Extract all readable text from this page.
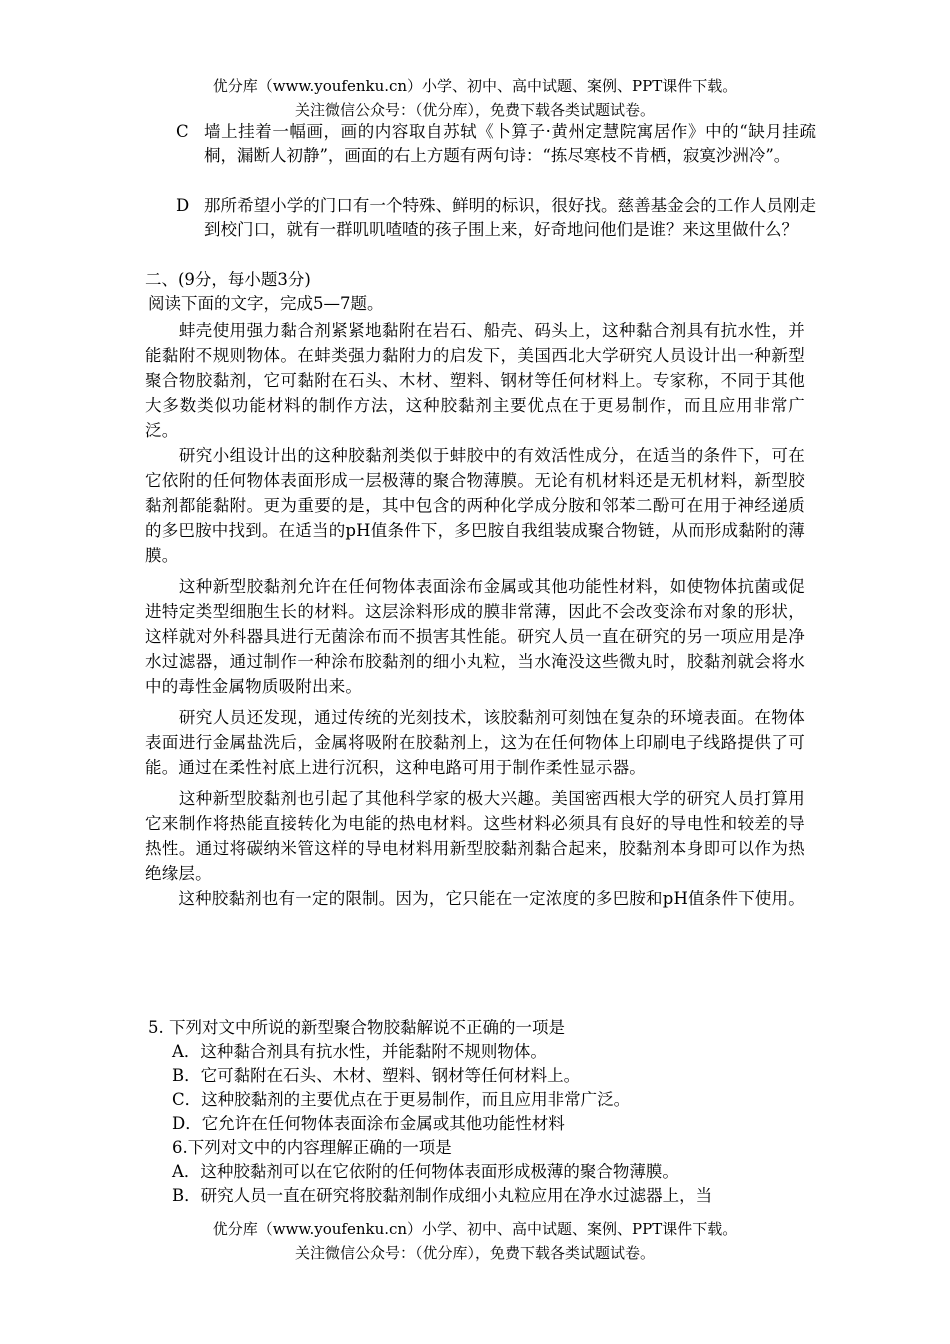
优分库（www.youfenku.cn）小学、初中、高中试题、案例、PPT课件下载。
关注微信公众号：（优分库），免费下载各类试题试卷。
C 墙上挂着一幅画，画的内容取自苏轼《卜算子·黄州定慧院寓居作》中的“缺月挂疏桐，漏断人初静”，画面的右上方题有两句诗：“拣尽寒枝不肯栖，寂寞沙洲冷”。
D 那所希望小学的门口有一个特殊、鲜明的标识，很好找。慈善基金会的工作人员刚走到校门口，就有一群叽叽喳喳的孩子围上来，好奇地问他们是谁？来这里做什么？
二、(9分，每小题3分)
阅读下面的文字，完成5—7题。

　　蚌壳使用强力黏合剂紧紧地黏附在岩石、船壳、码头上，这种黏合剂具有抗水性，并能黏附不规则物体。在蚌类强力黏附力的启发下，美国西北大学研究人员设计出一种新型聚合物胶黏剂，它可黏附在石头、木材、塑料、钢材等任何材料上。专家称，不同于其他大多数类似功能材料的制作方法，这种胶黏剂主要优点在于更易制作，而且应用非常广泛。

　　研究小组设计出的这种胶黏剂类似于蚌胶中的有效活性成分，在适当的条件下，可在它依附的任何物体表面形成一层极薄的聚合物薄膜。无论有机材料还是无机材料，新型胶黏剂都能黏附。更为重要的是，其中包含的两种化学成分胺和邻苯二酚可在用于神经递质的多巴胺中找到。在适当的pH值条件下，多巴胺自我组装成聚合物链，从而形成黏附的薄膜。

　　这种新型胶黏剂允许在任何物体表面涂布金属或其他功能性材料，如使物体抗菌或促进特定类型细胞生长的材料。这层涂料形成的膜非常薄，因此不会改变涂布对象的形状，这样就对外科器具进行无菌涂布而不损害其性能。研究人员一直在研究的另一项应用是净水过滤器，通过制作一种涂布胶黏剂的细小丸粒，当水淹没这些微丸时，胶黏剂就会将水中的毒性金属物质吸附出来。

　　研究人员还发现，通过传统的光刻技术，该胶黏剂可刻蚀在复杂的环境表面。在物体表面进行金属盐洗后，金属将吸附在胶黏剂上，这为在任何物体上印刷电子线路提供了可能。通过在柔性衬底上进行沉积，这种电路可用于制作柔性显示器。

　　这种新型胶黏剂也引起了其他科学家的极大兴趣。美国密西根大学的研究人员打算用它来制作将热能直接转化为电能的热电材料。这些材料必须具有良好的导电性和较差的导热性。通过将碳纳米管这样的导电材料用新型胶黏剂黏合起来，胶黏剂本身即可以作为热绝缘层。

　　这种胶黏剂也有一定的限制。因为，它只能在一定浓度的多巴胺和pH值条件下使用。

5. 下列对文中所说的新型聚合物胶黏解说不正确的一项是
A．这种黏合剂具有抗水性，并能黏附不规则物体。
B．它可黏附在石头、木材、塑料、钢材等任何材料上。
C．这种胶黏剂的主要优点在于更易制作，而且应用非常广泛。
D．它允许在任何物体表面涂布金属或其他功能性材料
6.下列对文中的内容理解正确的一项是
A．这种胶黏剂可以在它依附的任何物体表面形成极薄的聚合物薄膜。
B．研究人员一直在研究将胶黏剂制作成细小丸粒应用在净水过滤器上，当
优分库（www.youfenku.cn）小学、初中、高中试题、案例、PPT课件下载。
关注微信公众号：（优分库），免费下载各类试题试卷。
